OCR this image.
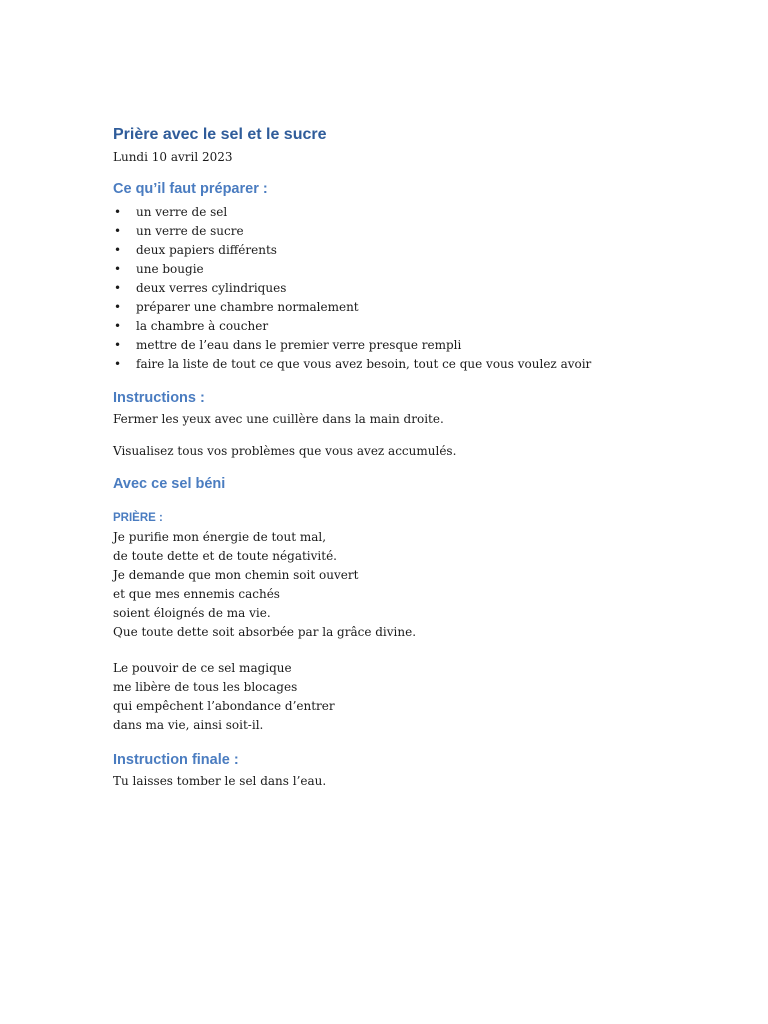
Prière avec le sel et le sucre

Lundi 10 avril 2023

Ce qu’il faut préparer :
• un verre de sel
• un verre de sucre
• deux papiers différents
• une bougie
• deux verres cylindriques
• préparer une chambre normalement
• la chambre à coucher
• mettre de l’eau dans le premier verre presque rempli
• faire la liste de tout ce que vous avez besoin, tout ce que vous voulez avoir
Instructions :

Fermer les yeux avec une cuillère dans la main droite.

Visualisez tous vos problèmes que vous avez accumulés.

Avec ce sel béni
PRIÈRE :

Je purifie mon énergie de tout mal,

de toute dette et de toute négativité.

Je demande que mon chemin soit ouvert

et que mes ennemis cachés

soient éloignés de ma vie.

Que toute dette soit absorbée par la grâce divine.

Le pouvoir de ce sel magique

me libère de tous les blocages

qui empêchent l’abondance d’entrer

dans ma vie, ainsi soit-il.

Instruction finale :

Tu laisses tomber le sel dans l’eau.
